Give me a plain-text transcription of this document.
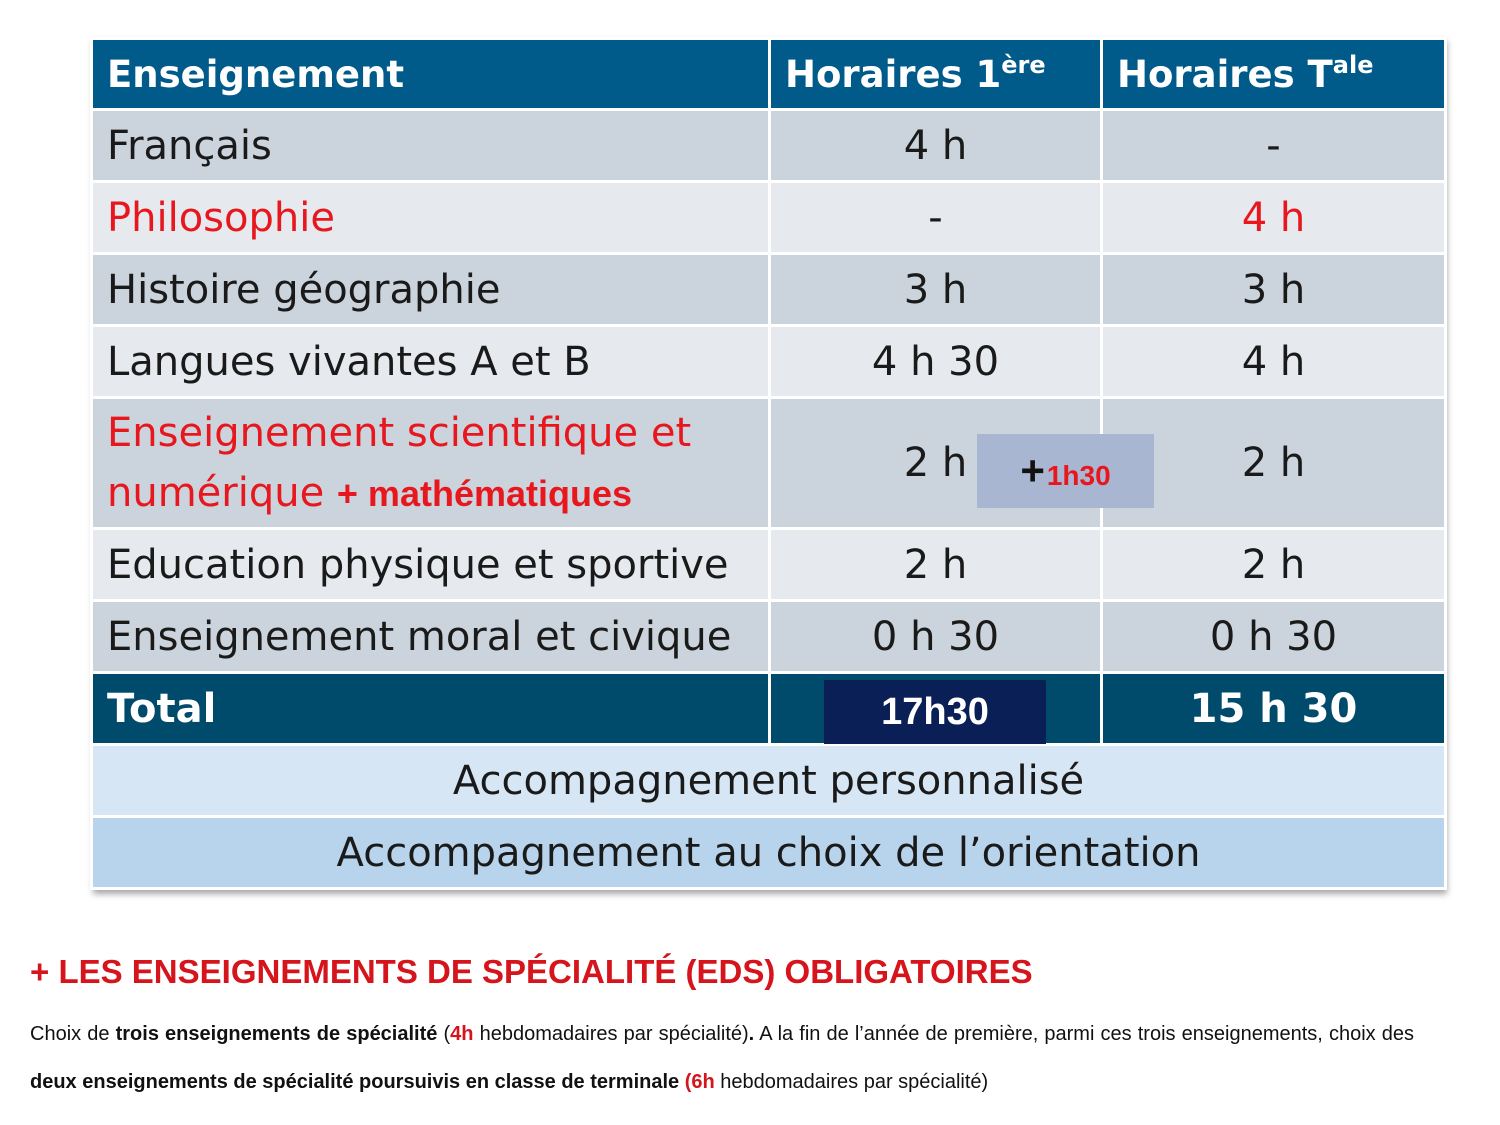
Enseignement	Horaires 1ère	Horaires $T^{ale}$
Français	4 h	-
Philosophie	-	4 h
Histoire géographie	3 h	3 h
Langues vivantes A et B	4 h 30	4 h

Enseignement scientifique et
numérique + mathématiques	2 h + 1h30	2 h
Education physique et sportive	2 h	2 h
Enseignement moral et civique	0 h 30	0 h 30
Total	17h30	15 h 30
Accompagnement personnalisé		
Accompagnement au choix de l’orientation		
+ LES ENSEIGNEMENTS DE SPÉCIALITÉ (EDS) OBLIGATOIRES
Choix de trois enseignements de spécialité (4h hebdomadaires par spécialité). A la fin de l’année de première, parmi ces trois enseignements, choix des deux enseignements de spécialité poursuivis en classe de terminale (6h hebdomadaires par spécialité)
